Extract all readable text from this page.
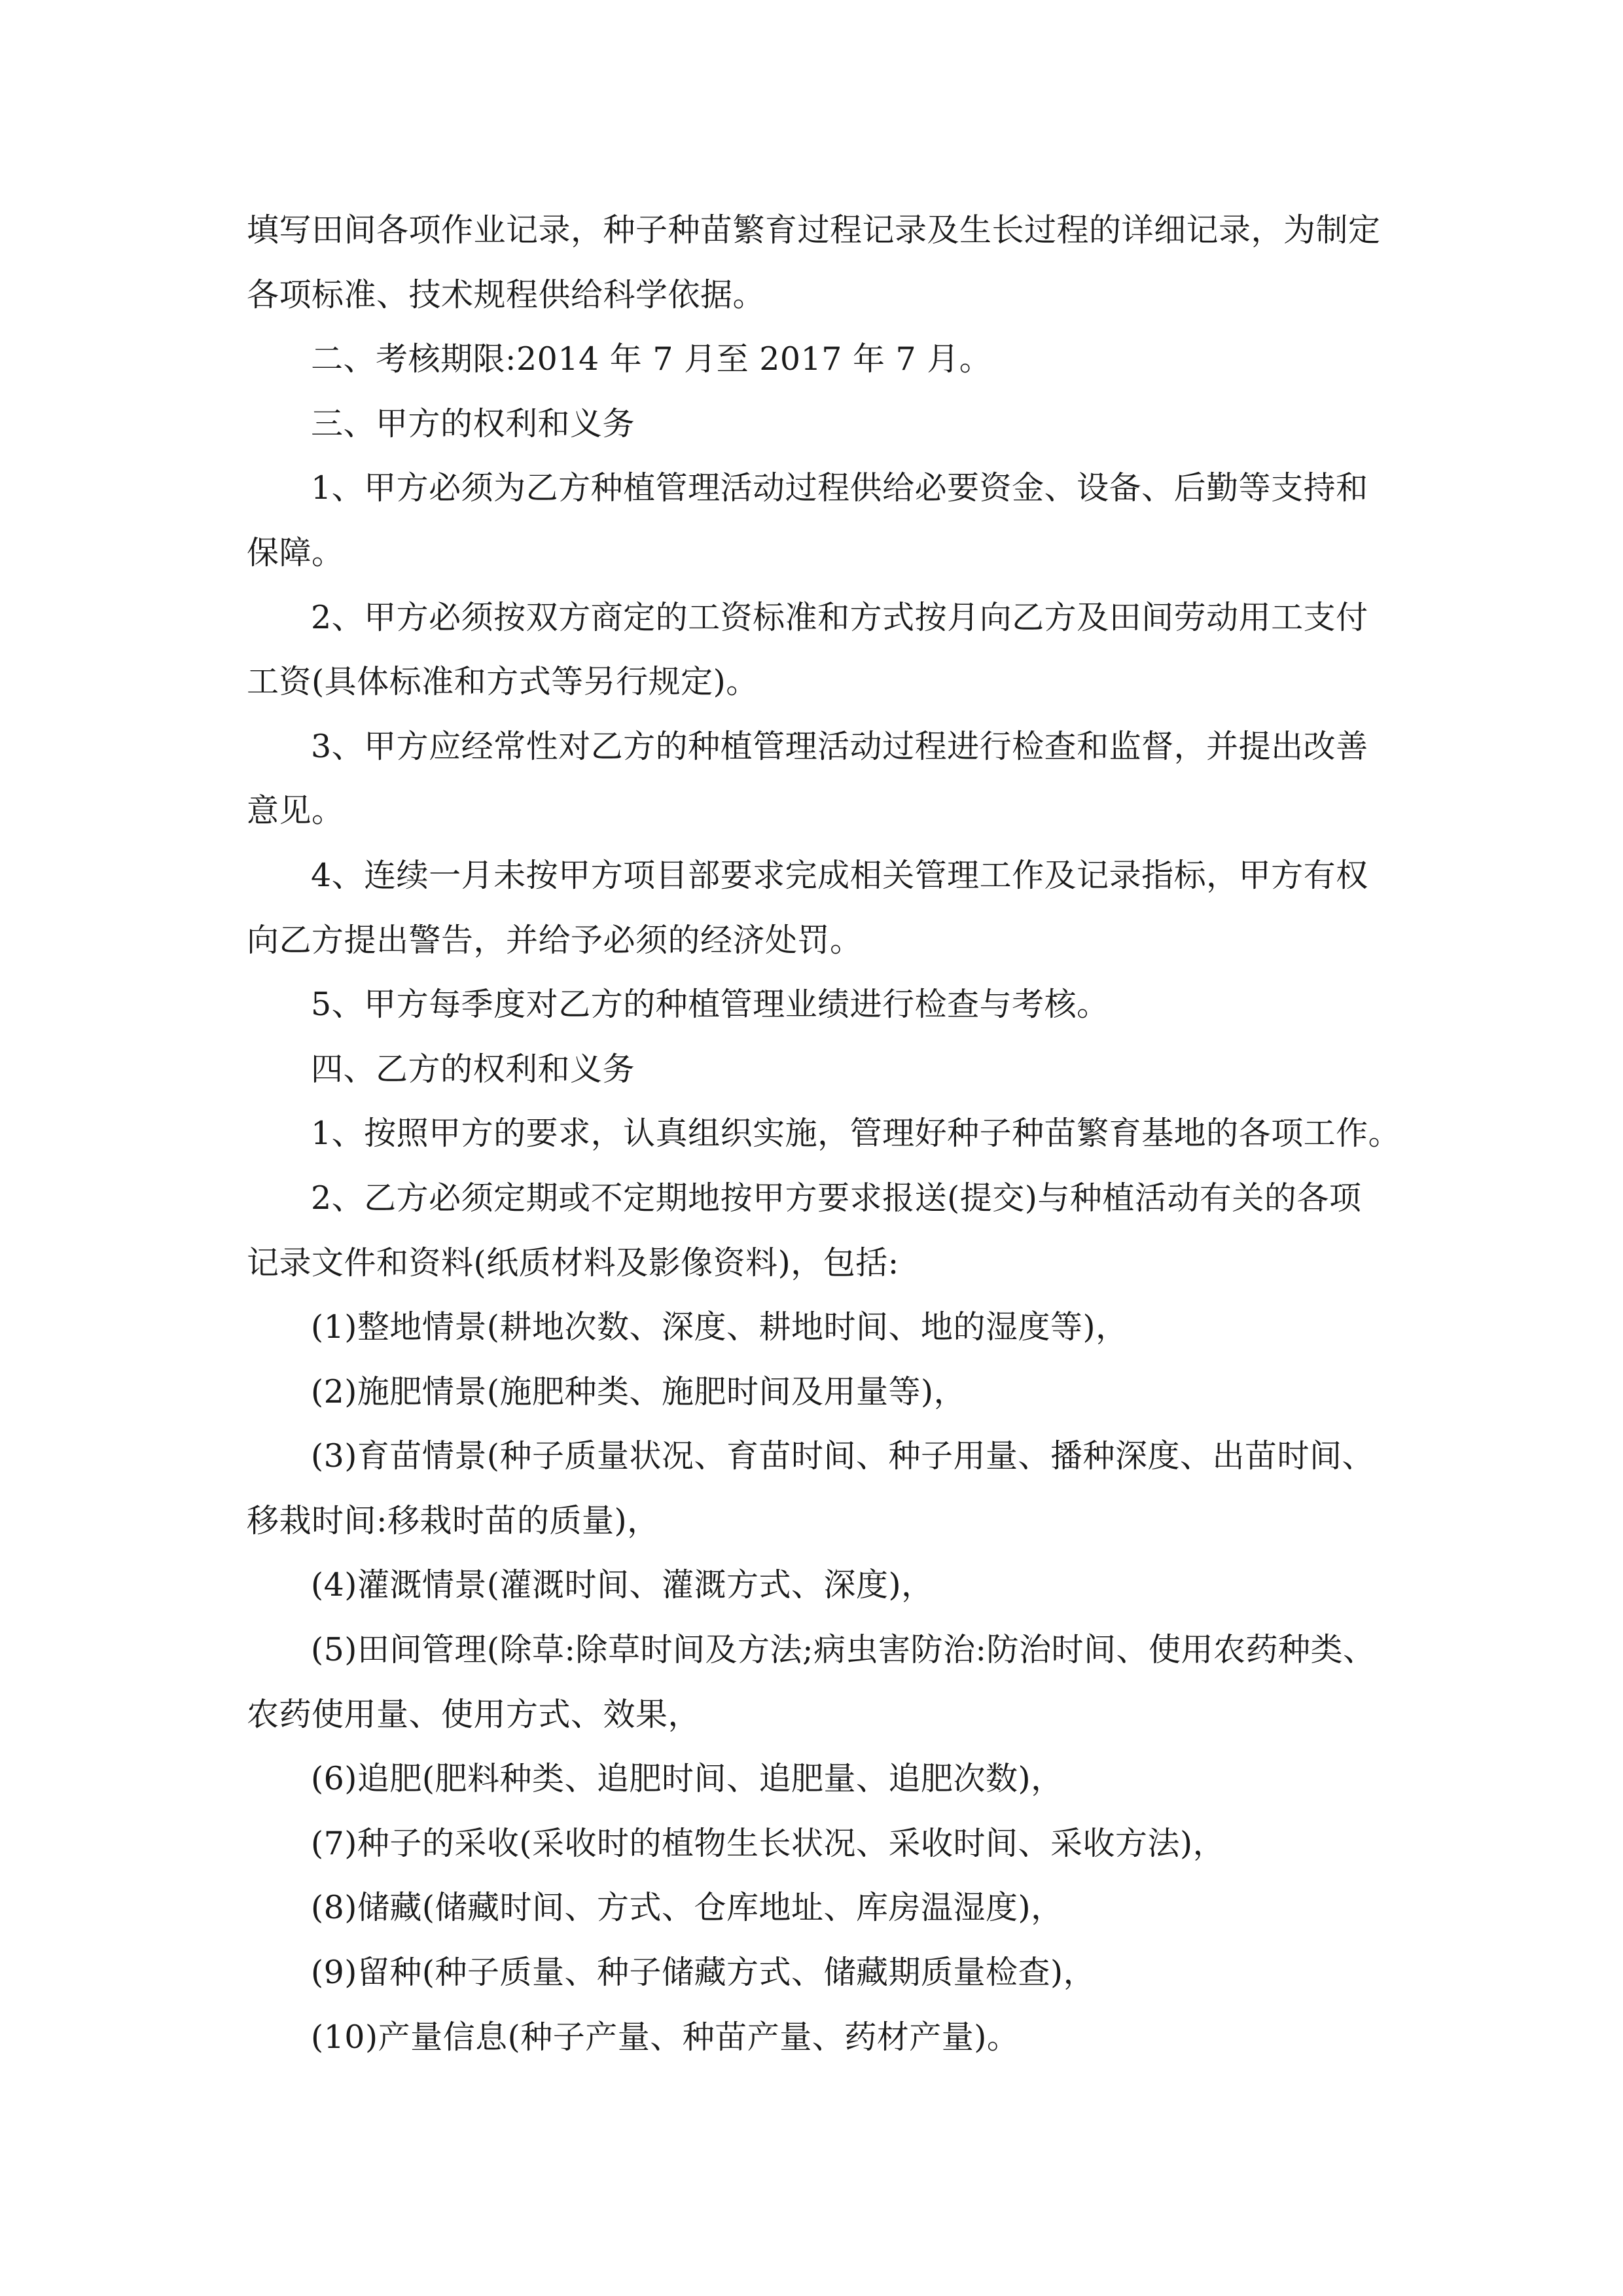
填写田间各项作业记录，种子种苗繁育过程记录及生长过程的详细记录，为制定

各项标准、技术规程供给科学依据。

二、考核期限:2014 年 7 月至 2017 年 7 月。

三、甲方的权利和义务

1、甲方必须为乙方种植管理活动过程供给必要资金、设备、后勤等支持和

保障。

2、甲方必须按双方商定的工资标准和方式按月向乙方及田间劳动用工支付

工资(具体标准和方式等另行规定)。

3、甲方应经常性对乙方的种植管理活动过程进行检查和监督，并提出改善

意见。

4、连续一月未按甲方项目部要求完成相关管理工作及记录指标，甲方有权

向乙方提出警告，并给予必须的经济处罚。

5、甲方每季度对乙方的种植管理业绩进行检查与考核。

四、乙方的权利和义务

1、按照甲方的要求，认真组织实施，管理好种子种苗繁育基地的各项工作。

2、乙方必须定期或不定期地按甲方要求报送(提交)与种植活动有关的各项

记录文件和资料(纸质材料及影像资料)，包括:

(1)整地情景(耕地次数、深度、耕地时间、地的湿度等)，

(2)施肥情景(施肥种类、施肥时间及用量等)，

(3)育苗情景(种子质量状况、育苗时间、种子用量、播种深度、出苗时间、

移栽时间:移栽时苗的质量)，

(4)灌溉情景(灌溉时间、灌溉方式、深度)，

(5)田间管理(除草:除草时间及方法;病虫害防治:防治时间、使用农药种类、

农药使用量、使用方式、效果，

(6)追肥(肥料种类、追肥时间、追肥量、追肥次数)，

(7)种子的采收(采收时的植物生长状况、采收时间、采收方法)，

(8)储藏(储藏时间、方式、仓库地址、库房温湿度)，

(9)留种(种子质量、种子储藏方式、储藏期质量检查)，

(10)产量信息(种子产量、种苗产量、药材产量)。
